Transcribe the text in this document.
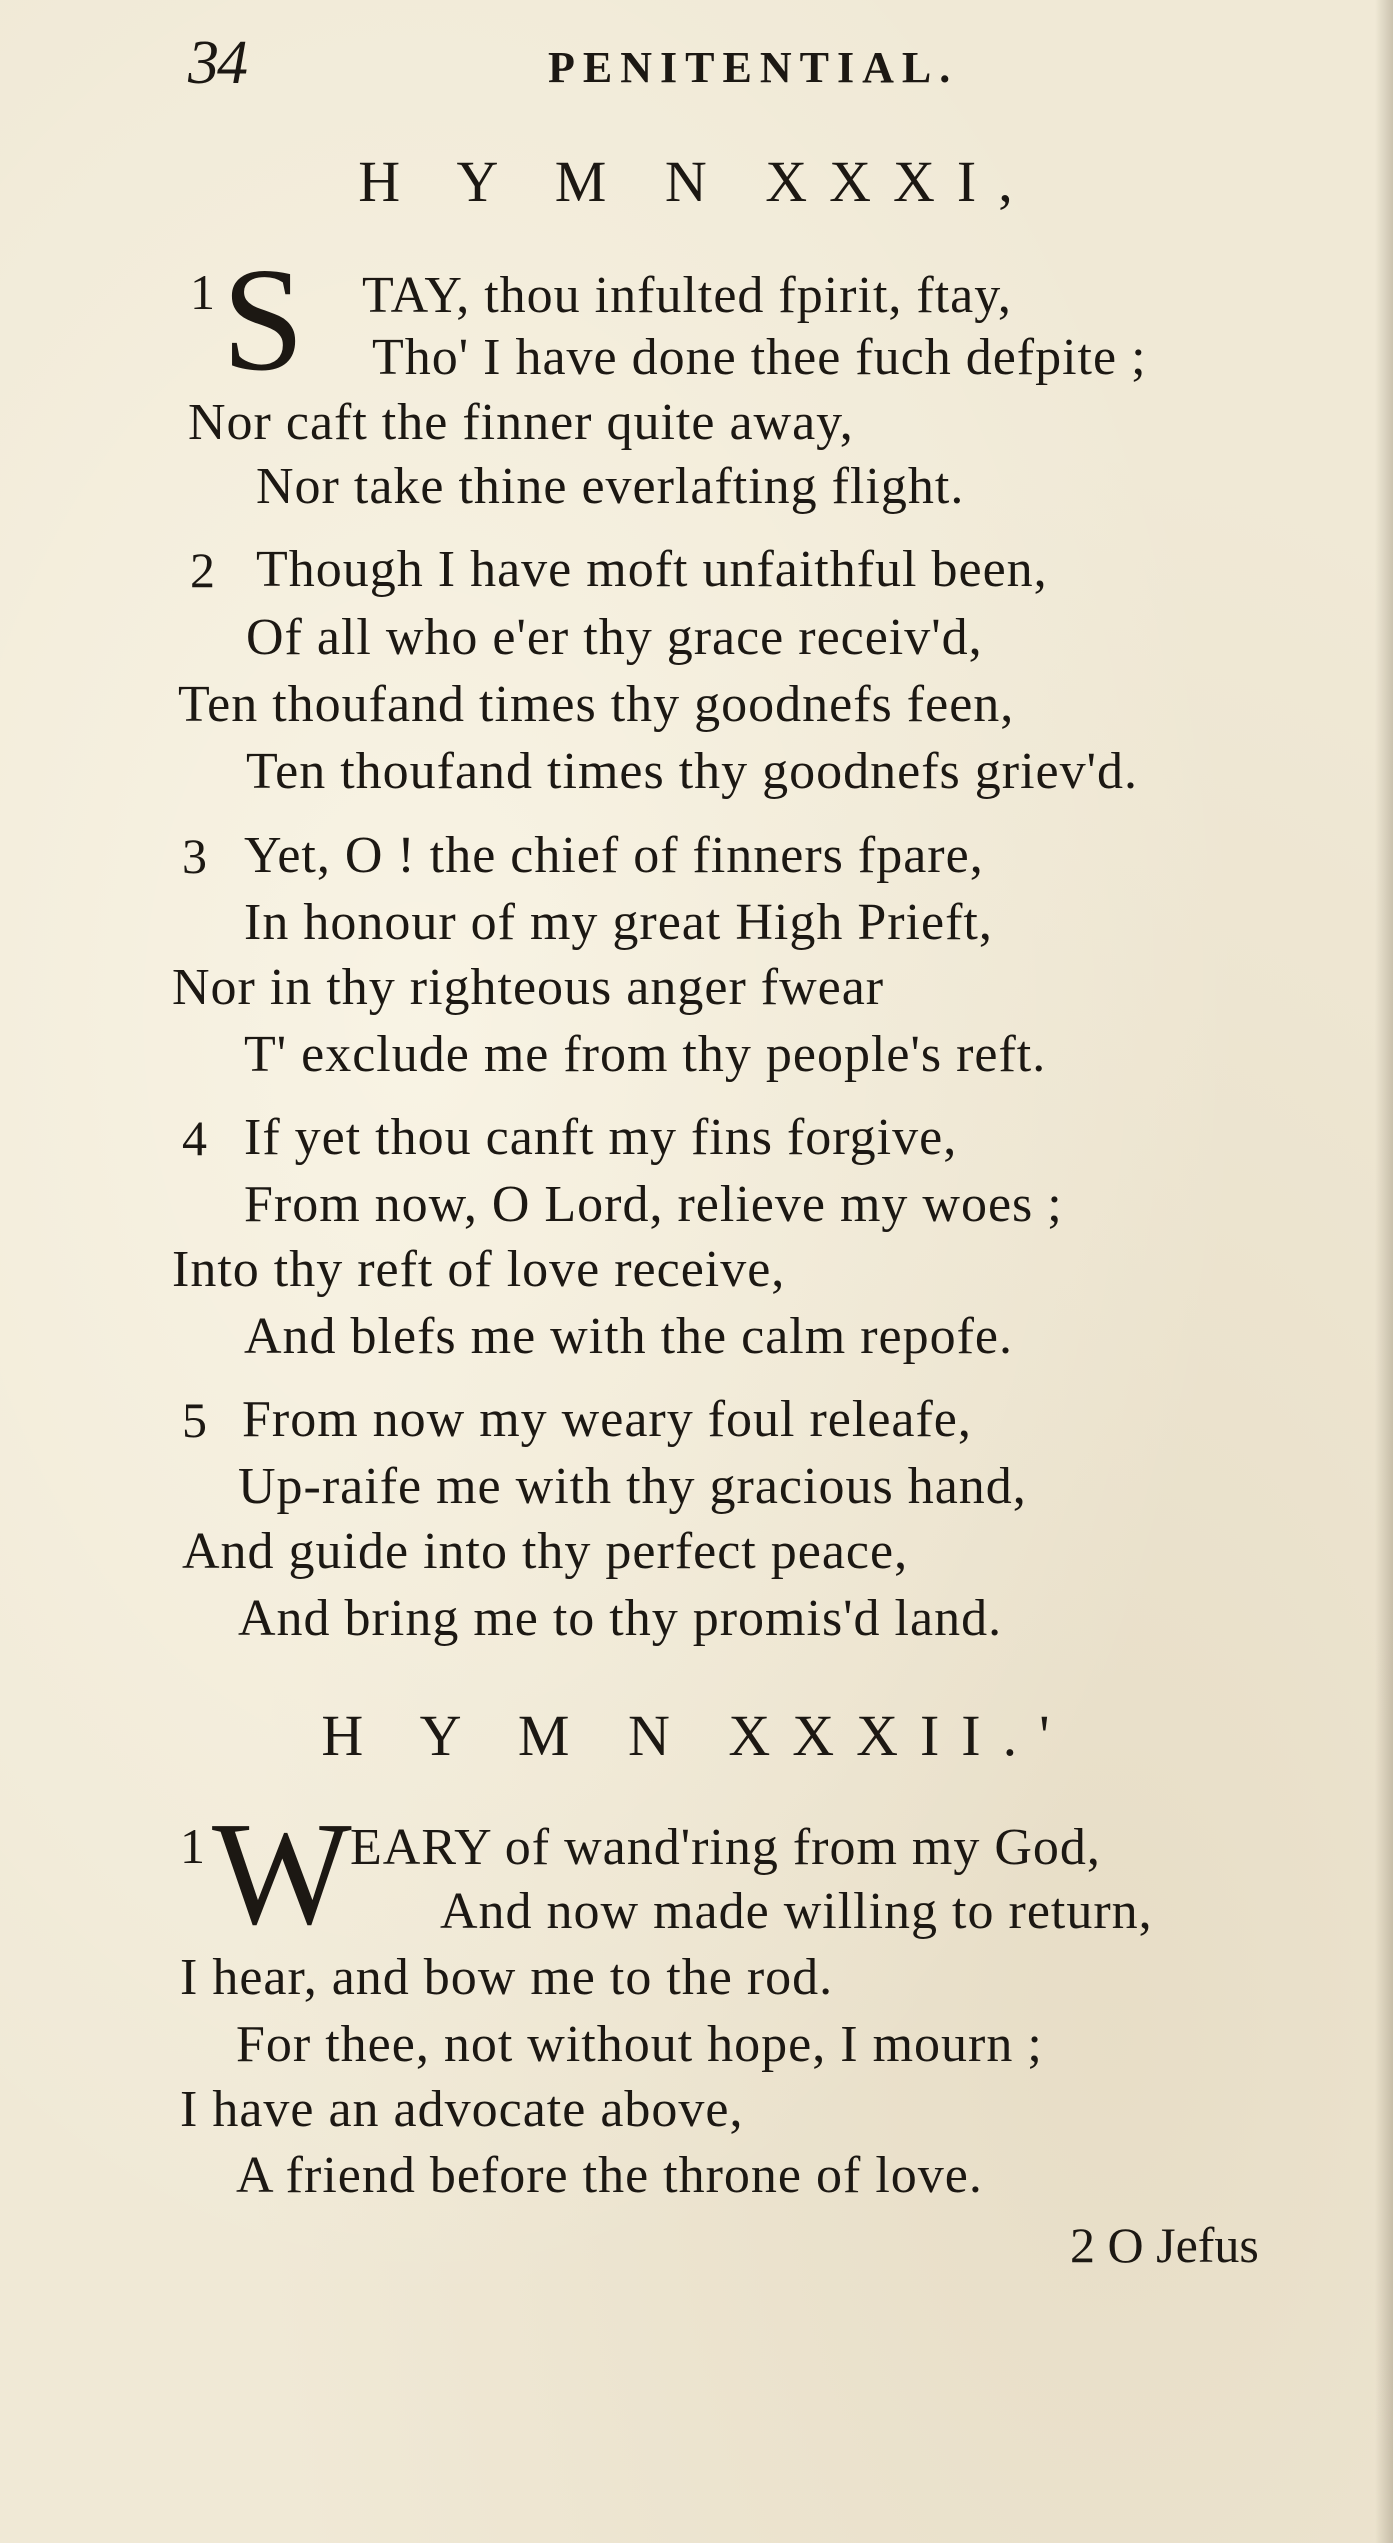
34	PENITENTIAL.
H Y M N XXXI,
1 S TAY, thou infulted fpirit, ftay,
Tho' I have done thee fuch defpite ;
Nor caft the finner quite away,
Nor take thine everlafting flight.
2 Though I have moft unfaithful been,
Of all who e'er thy grace receiv'd,
Ten thoufand times thy goodnefs feen,
Ten thoufand times thy goodnefs griev'd.
3 Yet, O ! the chief of finners fpare,
In honour of my great High Prieft,
Nor in thy righteous anger fwear
T' exclude me from thy people's reft.
4 If yet thou canft my fins forgive,
From now, O Lord, relieve my woes ;
Into thy reft of love receive,
And blefs me with the calm repofe.
5 From now my weary foul releafe,
Up-raife me with thy gracious hand,
And guide into thy perfect peace,
And bring me to thy promis'd land.
H Y M N XXXII.'
1 W
EARY of wand'ring from my God,
And now made willing to return,
I hear, and bow me to the rod.
For thee, not without hope, I mourn ;
I have an advocate above,
A friend before the throne of love.
2 O Jefus
